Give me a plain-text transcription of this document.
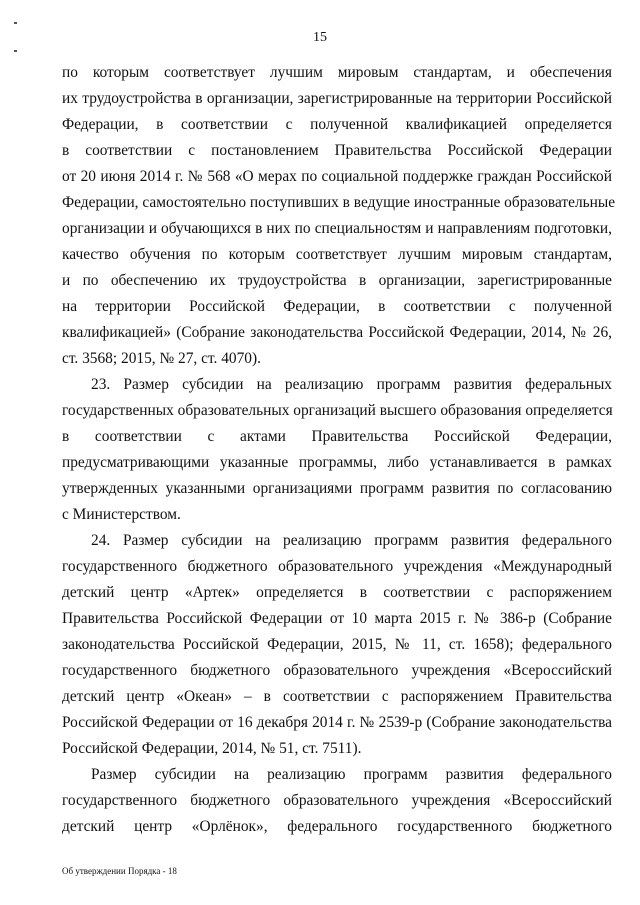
15
по которым соответствует лучшим мировым стандартам, и обеспечения
их трудоустройства в организации, зарегистрированные на территории Российской
Федерации, в соответствии с полученной квалификацией определяется
в соответствии с постановлением Правительства Российской Федерации
от 20 июня 2014 г. № 568 «О мерах по социальной поддержке граждан Российской
Федерации, самостоятельно поступивших в ведущие иностранные образовательные
организации и обучающихся в них по специальностям и направлениям подготовки,
качество обучения по которым соответствует лучшим мировым стандартам,
и по обеспечению их трудоустройства в организации, зарегистрированные
на территории Российской Федерации, в соответствии с полученной
квалификацией» (Собрание законодательства Российской Федерации, 2014, № 26,
ст. 3568; 2015, № 27, ст. 4070).
23. Размер субсидии на реализацию программ развития федеральных
государственных образовательных организаций высшего образования определяется
в соответствии с актами Правительства Российской Федерации,
предусматривающими указанные программы, либо устанавливается в рамках
утвержденных указанными организациями программ развития по согласованию
с Министерством.
24. Размер субсидии на реализацию программ развития федерального
государственного бюджетного образовательного учреждения «Международный
детский центр «Артек» определяется в соответствии с распоряжением
Правительства Российской Федерации от 10 марта 2015 г. № 386-р (Собрание
законодательства Российской Федерации, 2015, № 11, ст. 1658); федерального
государственного бюджетного образовательного учреждения «Всероссийский
детский центр «Океан» – в соответствии с распоряжением Правительства
Российской Федерации от 16 декабря 2014 г. № 2539-р (Собрание законодательства
Российской Федерации, 2014, № 51, ст. 7511).
Размер субсидии на реализацию программ развития федерального
государственного бюджетного образовательного учреждения «Всероссийский
детский центр «Орлёнок», федерального государственного бюджетного
Об утверждении Порядка - 18
